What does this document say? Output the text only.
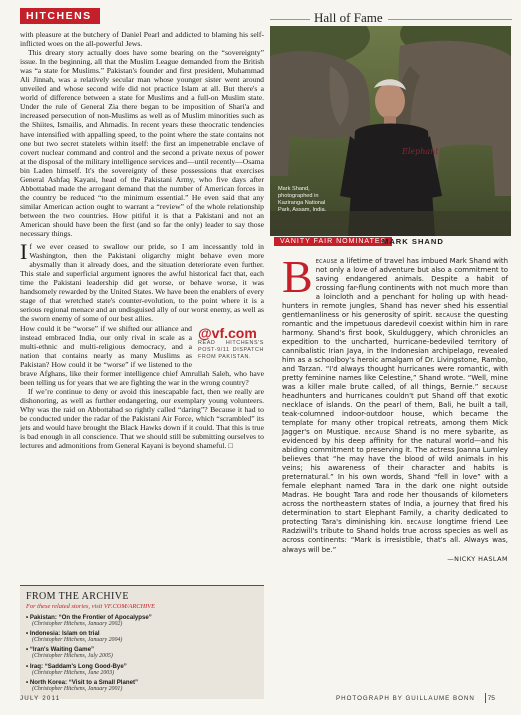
HITCHENS	Hall of Fame

with pleasure at the butchery of Daniel Pearl and addicted to blaming his self-inflicted woes on the all-powerful Jews.

This dreary story actually does have some bearing on the “sovereignty” issue. In the beginning, all that the Muslim League demanded from the British was “a state for Muslims.” Pakistan's founder and first president, Muhammad Ali Jinnah, was a relatively secular man whose younger sister went around unveiled and whose second wife did not practice Islam at all. But there's a world of difference between a state for Muslims and a full-on Muslim state. Under the rule of General Zia there began to be imposition of Shari'a and increased persecution of non-Muslims as well as of Muslim minorities such as the Shiites, Ismailis, and Ahmadis. In recent years these theocratic tendencies have intensified with appalling speed, to the point where the state contains not one but two secret statelets within itself: the first an impenetrable enclave of covert nuclear command and control and the second a private nexus of power at the disposal of the military intelligence services and—until recently—Osama bin Laden himself. It's the sovereignty of these possessions that exercises General Ashfaq Kayani, head of the Pakistani Army, who five days after Abbottabad made the arrogant demand that the number of American forces in the country be reduced “to the minimum essential.” He even said that any similar American action ought to warrant a “review” of the whole relationship between the two countries. How pitiful it is that a Pakistani and not an American should have been the first (and so far the only) leader to say those necessary things.

If we ever ceased to swallow our pride, so I am incessantly told in Washington, then the Pakistani oligarchy might behave even more abysmally than it already does, and the situation deteriorate even further. This stale and superficial argument ignores the awful historical fact that, each time the Pakistani leadership did get worse, or behave worse, it was handsomely rewarded by the United States. We have been the enablers of every stage of that wretched state's counter-evolution, to the point where it is a serious regional menace and an undisguised ally of our worst enemy, as well as the sworn enemy of some of our best allies.

@vf.com
READ HITCHENS'S POST-9/11 DISPATCH FROM PAKISTAN.

How could it be “worse” if we shifted our alliance and instead embraced India, our only rival in scale as a multi-ethnic and multi-religious democracy, and a nation that contains nearly as many Muslims as Pakistan? How could it be “worse” if we listened to the brave Afghans, like their former intelligence chief Amrullah Saleh, who have been telling us for years that we are fighting the war in the wrong country?

If we’re continue to deny or avoid this inescapable fact, then we really are dishonoring, as well as further endangering, our exemplary young volunteers. Why was the raid on Abbottabad so rightly called “daring”? Because it had to be conducted under the radar of the Pakistani Air Force, which “scrambled” its jets and would have brought the Black Hawks down if it could. That this is true is bad enough in all conscience. That we should still be submitting ourselves to lectures and admonitions from General Kayani is beyond shameful. □

FROM THE ARCHIVE
For these related stories, visit VF.COM/ARCHIVE
• Pakistan: “On the Frontier of Apocalypse”
(Christopher Hitchens, January 2002)
• Indonesia: Islam on trial
(Christopher Hitchens, January 2004)
• “Iran's Waiting Game”
(Christopher Hitchens, July 2005)
• Iraq: “Saddam's Long Good-Bye”
(Christopher Hitchens, June 2003)
• North Korea: “Visit to a Small Planet”
(Christopher Hitchens, January 2001)
Elephant
Mark Shand, photographed in Kaziranga National Park, Assam, India.
VANITY FAIR NOMINATES
MARK SHAND
B ecause a lifetime of travel has imbued Mark Shand with not only a love of adventure but also a commitment to saving endangered animals. Despite a habit of crossing far-flung continents with not much more than a loincloth and a penchant for holing up with head-hunters in remote jungles, Shand has never shed his essential gentlemanliness or his generosity of spirit. because the questing romantic and the impetuous daredevil coexist within him in rare harmony. Shand's first book, Skulduggery, which chronicles an expedition to the uncharted, hurricane-bedeviled territory of cannibalistic Irian Jaya, in the Indonesian archipelago, revealed him as a schoolboy's heroic amalgam of Dr. Livingstone, Rambo, and Tarzan. “I'd always thought hurricanes were romantic, with pretty feminine names like Celestine,” Shand wrote. “Well, mine was a killer male brute called, of all things, Bernie.” because headhunters and hurricanes couldn't put Shand off that exotic necklace of islands. On the pearl of them, Bali, he built a tall, teak-columned indoor-outdoor house, which became the template for many other tropical retreats, among them Mick Jagger's on Mustique. because Shand is no mere sybarite, as evidenced by his deep affinity for the natural world—and his abiding commitment to preserving it. The actress Joanna Lumley believes that “he may have the blood of wild animals in his veins; his awareness of their character and habits is preternatural.” In his own words, Shand “fell in love” with a female elephant named Tara in the dark one night outside Madras. He bought Tara and rode her thousands of kilometers across the northeastern states of India, a journey that fired his determination to start Elephant Family, a charity dedicated to protecting Tara's diminishing kin. because longtime friend Lee Radziwill's tribute to Shand holds true across species as well as across continents: “Mark is irresistible, that's all. Always was, always will be.”
—NICKY HASLAM
JULY 2011	PHOTOGRAPH BY GUILLAUME BONN 75
